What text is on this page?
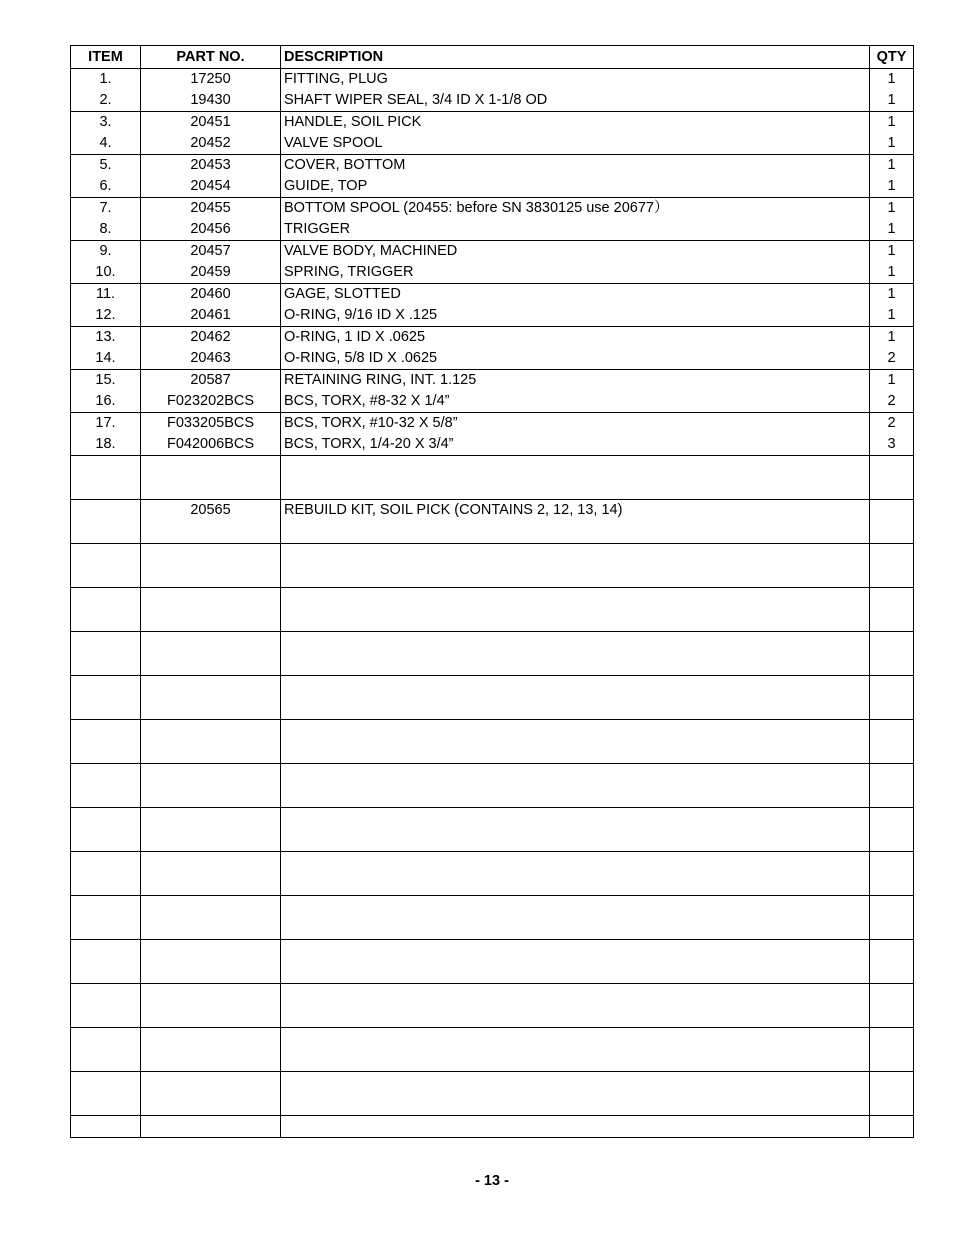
ITEM	PART NO.	DESCRIPTION	QTY
1.	17250	FITTING, PLUG	1
2.	19430	SHAFT WIPER SEAL, 3/4 ID X 1-1/8 OD	1
3.	20451	HANDLE, SOIL PICK	1
4.	20452	VALVE SPOOL	1
5.	20453	COVER, BOTTOM	1
6.	20454	GUIDE, TOP	1
7.	20455	BOTTOM SPOOL (20455: before SN 3830125 use 20677）	1
8.	20456	TRIGGER	1
9.	20457	VALVE BODY, MACHINED	1
10.	20459	SPRING, TRIGGER	1
11.	20460	GAGE, SLOTTED	1
12.	20461	O-RING, 9/16 ID X .125	1
13.	20462	O-RING, 1 ID X .0625	1
14.	20463	O-RING, 5/8 ID X .0625	2
15.	20587	RETAINING RING, INT. 1.125	1
16.	F023202BCS	BCS, TORX, #8-32 X 1/4”	2
17.	F033205BCS	BCS, TORX, #10-32 X 5/8”	2
18.	F042006BCS	BCS, TORX, 1/4-20 X 3/4”	3

	20565	REBUILD KIT, SOIL PICK (CONTAINS 2, 12, 13, 14)	

- 13 -
